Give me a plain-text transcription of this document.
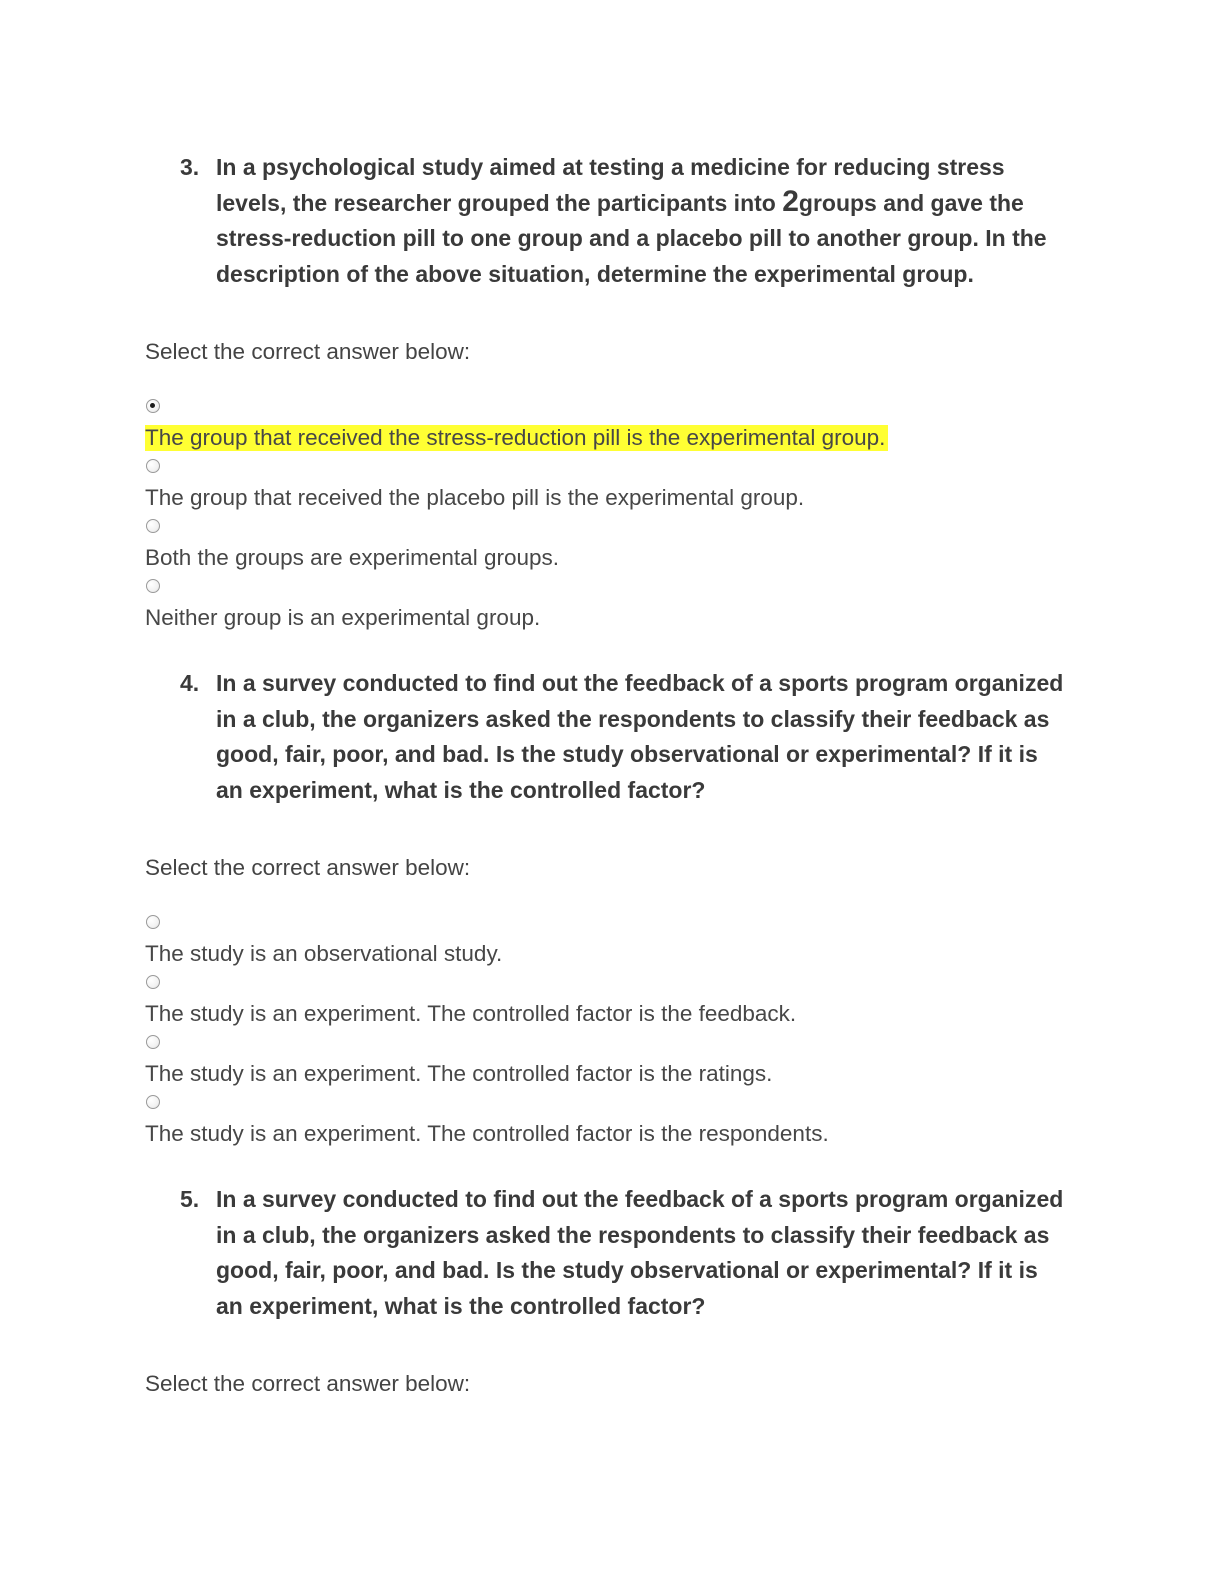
3. In a psychological study aimed at testing a medicine for reducing stress levels, the researcher grouped the participants into 2groups and gave the stress-reduction pill to one group and a placebo pill to another group. In the description of the above situation, determine the experimental group.
Select the correct answer below:
The group that received the stress-reduction pill is the experimental group.
The group that received the placebo pill is the experimental group.
Both the groups are experimental groups.
Neither group is an experimental group.
4. In a survey conducted to find out the feedback of a sports program organized in a club, the organizers asked the respondents to classify their feedback as good, fair, poor, and bad. Is the study observational or experimental? If it is an experiment, what is the controlled factor?
Select the correct answer below:
The study is an observational study.
The study is an experiment. The controlled factor is the feedback.
The study is an experiment. The controlled factor is the ratings.
The study is an experiment. The controlled factor is the respondents.
5. In a survey conducted to find out the feedback of a sports program organized in a club, the organizers asked the respondents to classify their feedback as good, fair, poor, and bad. Is the study observational or experimental? If it is an experiment, what is the controlled factor?
Select the correct answer below:
